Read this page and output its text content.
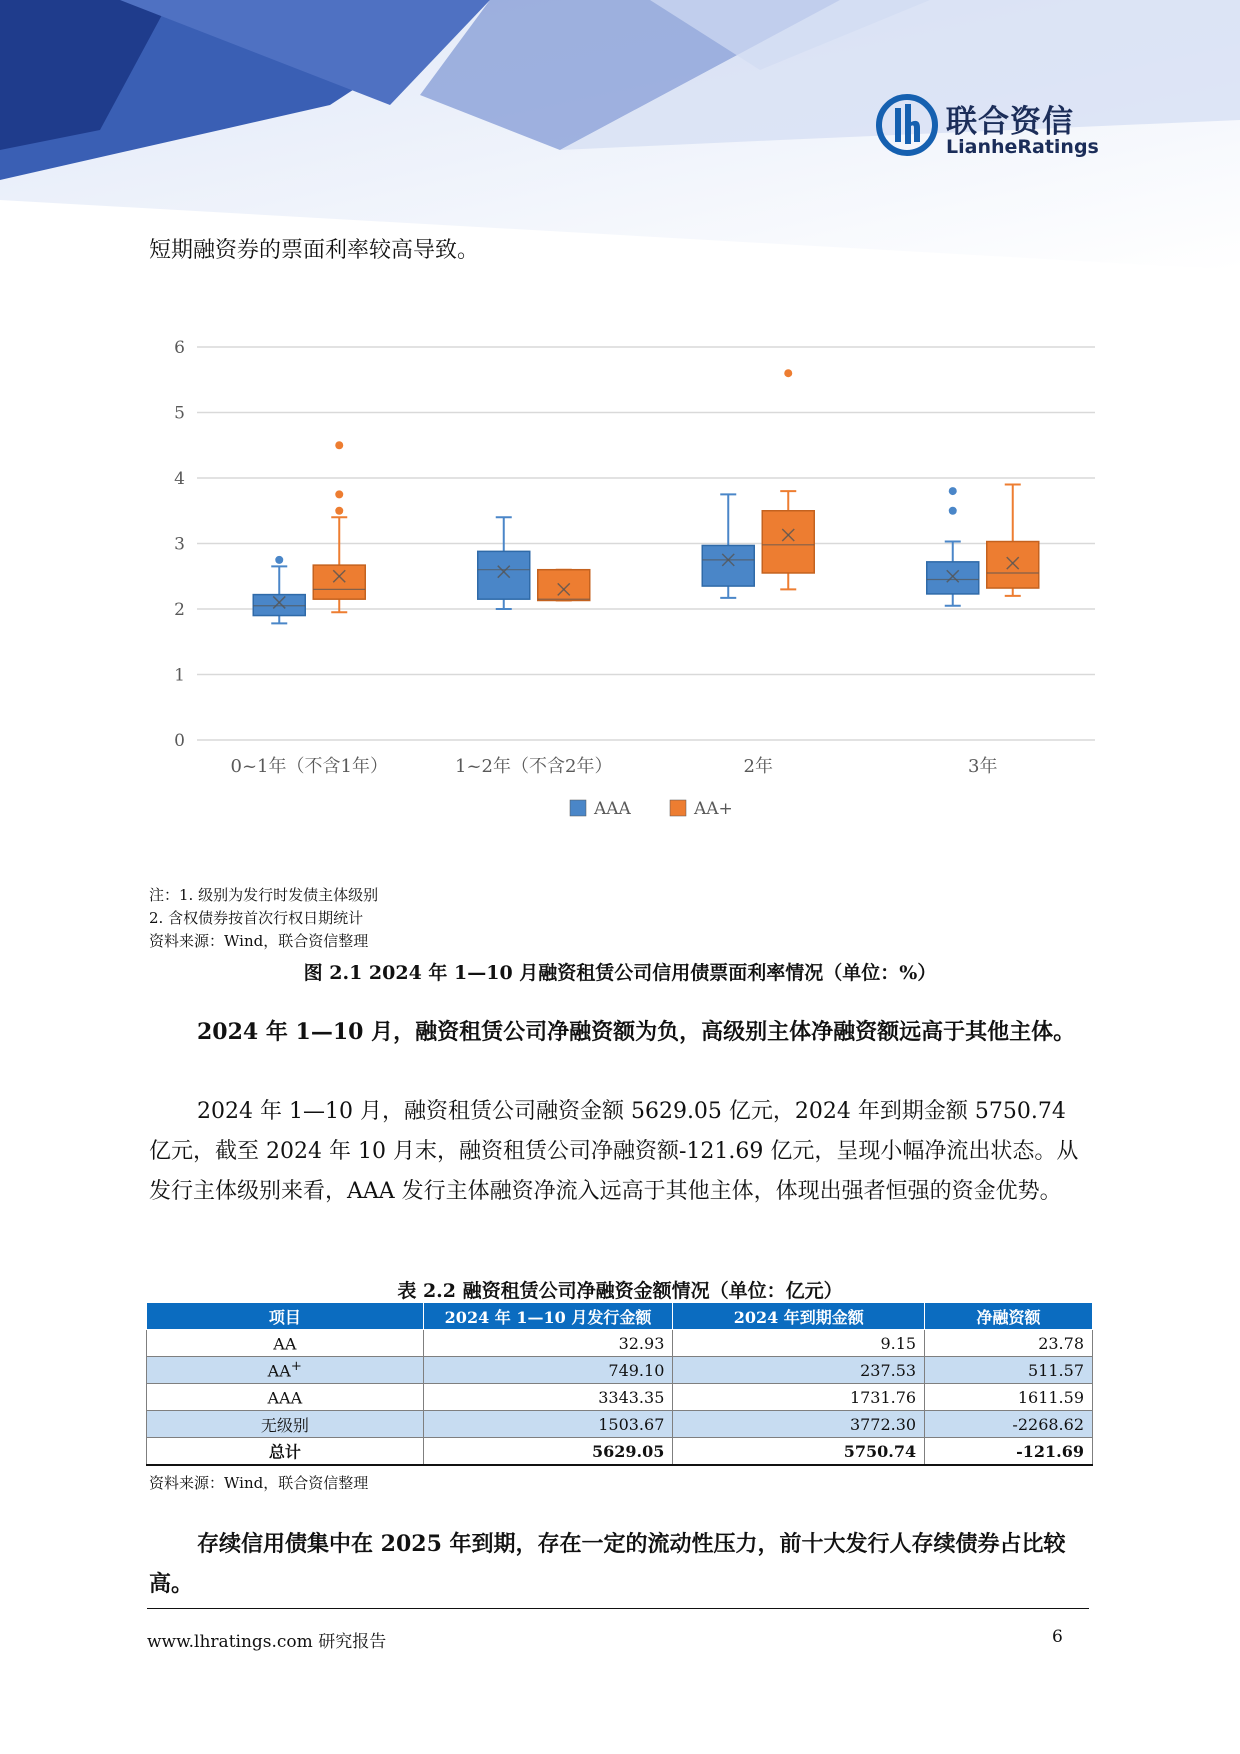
联合资信
LianheRatings

短期融资券的票面利率较高导致。

0
1
2
3
4
5
6
0~1年（不含1年）	1~2年（不含2年）	2年	3年
AAA	AA+
注：1. 级别为发行时发债主体级别
2. 含权债券按首次行权日期统计
资料来源：Wind，联合资信整理
图 2.1 2024 年 1—10 月融资租赁公司信用债票面利率情况（单位：%）

2024 年 1—10 月，融资租赁公司净融资额为负，高级别主体净融资额远高于其他主体。

2024 年 1—10 月，融资租赁公司融资金额 5629.05 亿元，2024 年到期金额 5750.74 亿元，截至 2024 年 10 月末，融资租赁公司净融资额-121.69 亿元，呈现小幅净流出状态。从发行主体级别来看，AAA 发行主体融资净流入远高于其他主体，体现出强者恒强的资金优势。

表 2.2 融资租赁公司净融资金额情况（单位：亿元）
项目	2024 年 1—10 月发行金额	2024 年到期金额	净融资额
AA	32.93	9.15	23.78
AA+	749.10	237.53	511.57
AAA	3343.35	1731.76	1611.59
无级别	1503.67	3772.30	-2268.62
总计	5629.05	5750.74	-121.69
资料来源：Wind，联合资信整理

存续信用债集中在 2025 年到期，存在一定的流动性压力，前十大发行人存续债券占比较高。

www.lhratings.com 研究报告	6
